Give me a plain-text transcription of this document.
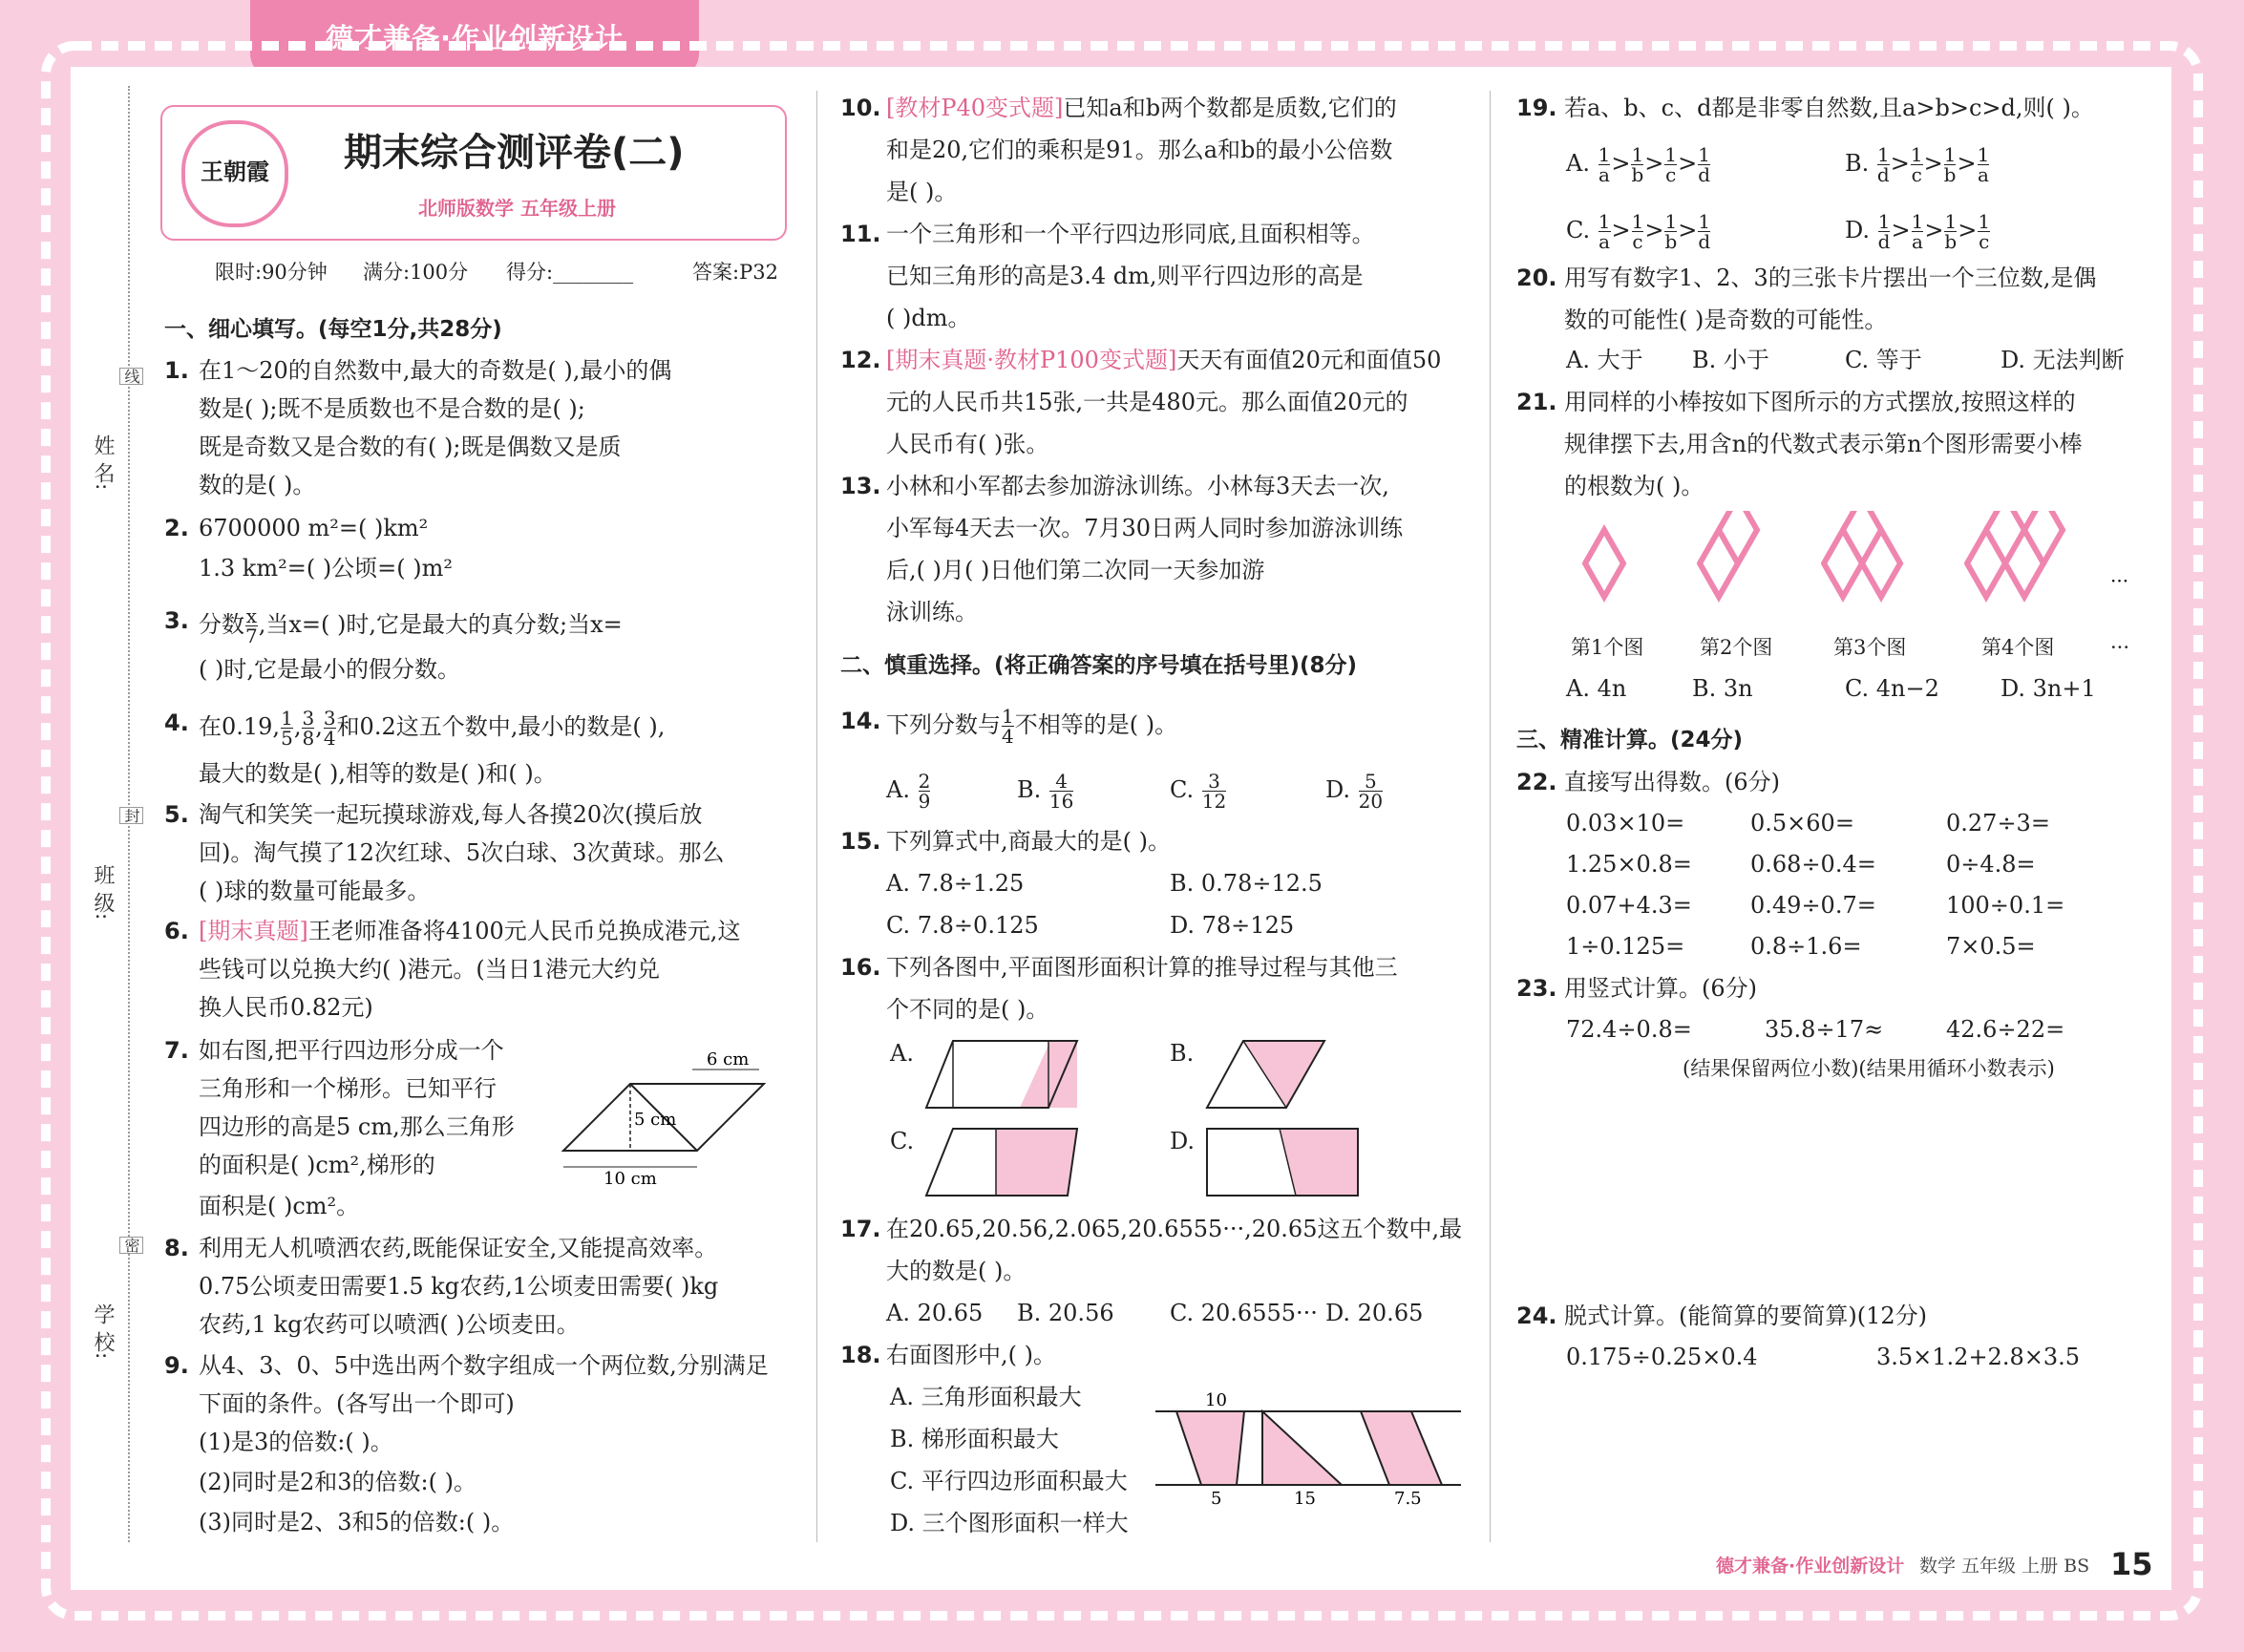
德才兼备·作业创新设计
姓 名:
班 级:
学 校:
线
封
密
王朝霞	期末综合测评卷(二)
北师版数学 五年级上册
限时:90分钟 满分:100分 得分:________	答案:P32
一、细心填写。(每空1分,共28分)
1. 在1～20的自然数中,最大的奇数是( ),最小的偶
数是( );既不是质数也不是合数的是( );
既是奇数又是合数的有( );既是偶数又是质
数的是( )。
2. 6700000 m²=( )km²
1.3 km²=( )公顷=( )m²
3. 分数 $\frac{x}{7}$ ,当x=( )时,它是最大的真分数;当x=
( )时,它是最小的假分数。
4. 在0.19, $\frac{1}{5}$ , $\frac{3}{8}$ , $\frac{3}{4}$ 和0.2这五个数中,最小的数是( ),
最大的数是( ),相等的数是( )和( )。
5. 淘气和笑笑一起玩摸球游戏,每人各摸20次(摸后放
回)。淘气摸了12次红球、5次白球、3次黄球。那么
( )球的数量可能最多。
6. [期末真题]王老师准备将4100元人民币兑换成港元,这
些钱可以兑换大约( )港元。(当日1港元大约兑
换人民币0.82元)
7. 如右图,把平行四边形分成一个
三角形和一个梯形。已知平行
四边形的高是5 cm,那么三角形
的面积是( )cm²,梯形的
面积是( )cm²。
6 cm
5 cm
10 cm
8. 利用无人机喷洒农药,既能保证安全,又能提高效率。
0.75公顷麦田需要1.5 kg农药,1公顷麦田需要( )kg
农药,1 kg农药可以喷洒( )公顷麦田。
9. 从4、3、0、5中选出两个数字组成一个两位数,分别满足
下面的条件。(各写出一个即可)
(1)是3的倍数:( )。
(2)同时是2和3的倍数:( )。
(3)同时是2、3和5的倍数:( )。
10. [教材P40变式题]已知a和b两个数都是质数,它们的
和是20,它们的乘积是91。那么a和b的最小公倍数
是( )。
11. 一个三角形和一个平行四边形同底,且面积相等。
已知三角形的高是3.4 dm,则平行四边形的高是
( )dm。
12. [期末真题·教材P100变式题]天天有面值20元和面值50
元的人民币共15张,一共是480元。那么面值20元的
人民币有( )张。
13. 小林和小军都去参加游泳训练。小林每3天去一次,
小军每4天去一次。7月30日两人同时参加游泳训练
后,( )月( )日他们第二次同一天参加游
泳训练。
二、慎重选择。(将正确答案的序号填在括号里)(8分)
14. 下列分数与 $\frac{1}{4}$ 不相等的是( )。
A. $\frac{2}{9}$	B. $\frac{4}{16}$	C. $\frac{3}{12}$	D. $\frac{5}{20}$
15. 下列算式中,商最大的是( )。
A. 7.8÷1.25	B. 0.78÷12.5
C. 7.8÷0.125	D. 78÷125
16. 下列各图中,平面图形面积计算的推导过程与其他三
个不同的是( )。
A.	B.
C.	D.
17. 在20.65,20.56,2.065,20.6555···,20.65这五个数中,最
大的数是( )。
A. 20.65 B. 20.56 C. 20.6555··· D. 20.65
18. 右面图形中,( )。
A. 三角形面积最大
B. 梯形面积最大
C. 平行四边形面积最大
D. 三个图形面积一样大
10
5	15	7.5
19. 若a、b、c、d都是非零自然数,且a>b>c>d,则( )。
A. $\frac{1}{a} > \frac{1}{b} > \frac{1}{c} > \frac{1}{d}$	B. $\frac{1}{d} > \frac{1}{c} > \frac{1}{b} > \frac{1}{a}$
C. $\frac{1}{a} > \frac{1}{c} > \frac{1}{b} > \frac{1}{d}$	D. $\frac{1}{d} > \frac{1}{a} > \frac{1}{b} > \frac{1}{c}$
20. 用写有数字1、2、3的三张卡片摆出一个三位数,是偶
数的可能性( )是奇数的可能性。
A. 大于 B. 小于	C. 等于	D. 无法判断
21. 用同样的小棒按如下图所示的方式摆放,按照这样的
规律摆下去,用含n的代数式表示第n个图形需要小棒
的根数为( )。
···
第1个图	第2个图	第3个图	第4个图	···
A. 4n	B. 3n	C. 4n−2	D. 3n+1
三、精准计算。(24分)
22. 直接写出得数。(6分)
0.03×10=	0.5×60=	0.27÷3=
1.25×0.8=	0.68÷0.4=	0÷4.8=
0.07+4.3=	0.49÷0.7=	100÷0.1=
1÷0.125=	0.8÷1.6=	7×0.5=
23. 用竖式计算。(6分)
72.4÷0.8=	35.8÷17≈	42.6÷22=
(结果保留两位小数)(结果用循环小数表示)
24. 脱式计算。(能简算的要简算)(12分)
0.175÷0.25×0.4	3.5×1.2+2.8×3.5
德才兼备·作业创新设计 数学 五年级 上册 BS 15
